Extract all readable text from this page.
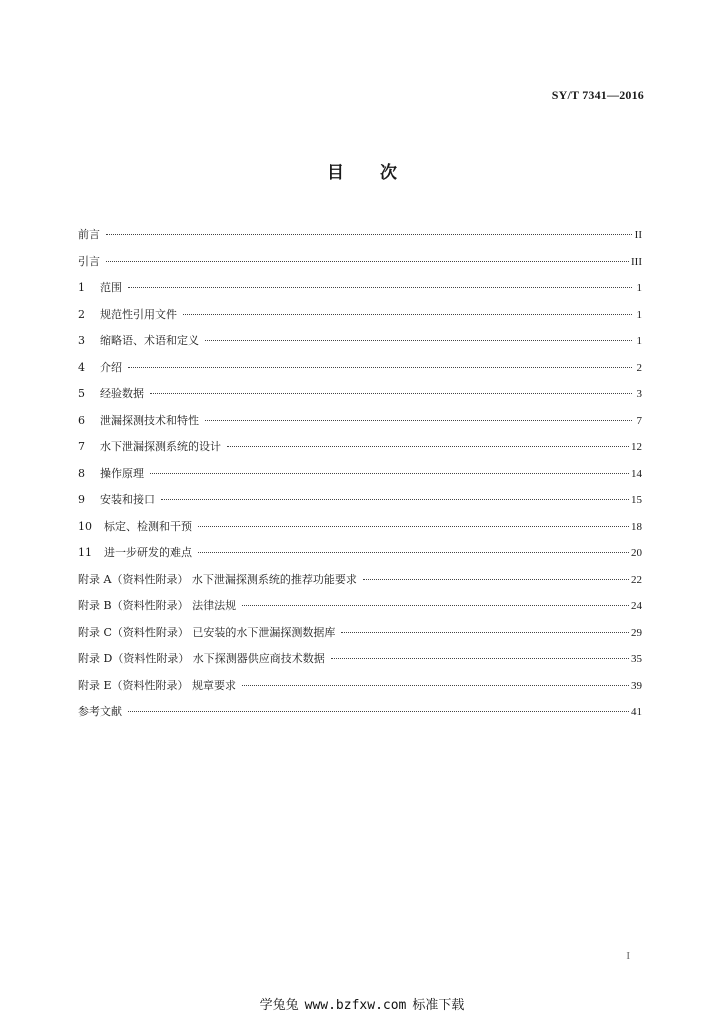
SY/T 7341—2016
目 次
前言	II
引言	III
1	范围	1
2	规范性引用文件	1
3	缩略语、术语和定义	1
4	介绍	2
5	经验数据	3
6	泄漏探测技术和特性	7
7	水下泄漏探测系统的设计	12
8	操作原理	14
9	安装和接口	15
10 标定、检测和干预	18
11 进一步研发的难点	20
附录 A（资料性附录） 水下泄漏探测系统的推荐功能要求	22
附录 B（资料性附录） 法律法规	24
附录 C（资料性附录） 已安装的水下泄漏探测数据库	29
附录 D（资料性附录） 水下探测器供应商技术数据	35
附录 E（资料性附录） 规章要求	39
参考文献	41
I
学兔兔 www.bzfxw.com 标准下载
